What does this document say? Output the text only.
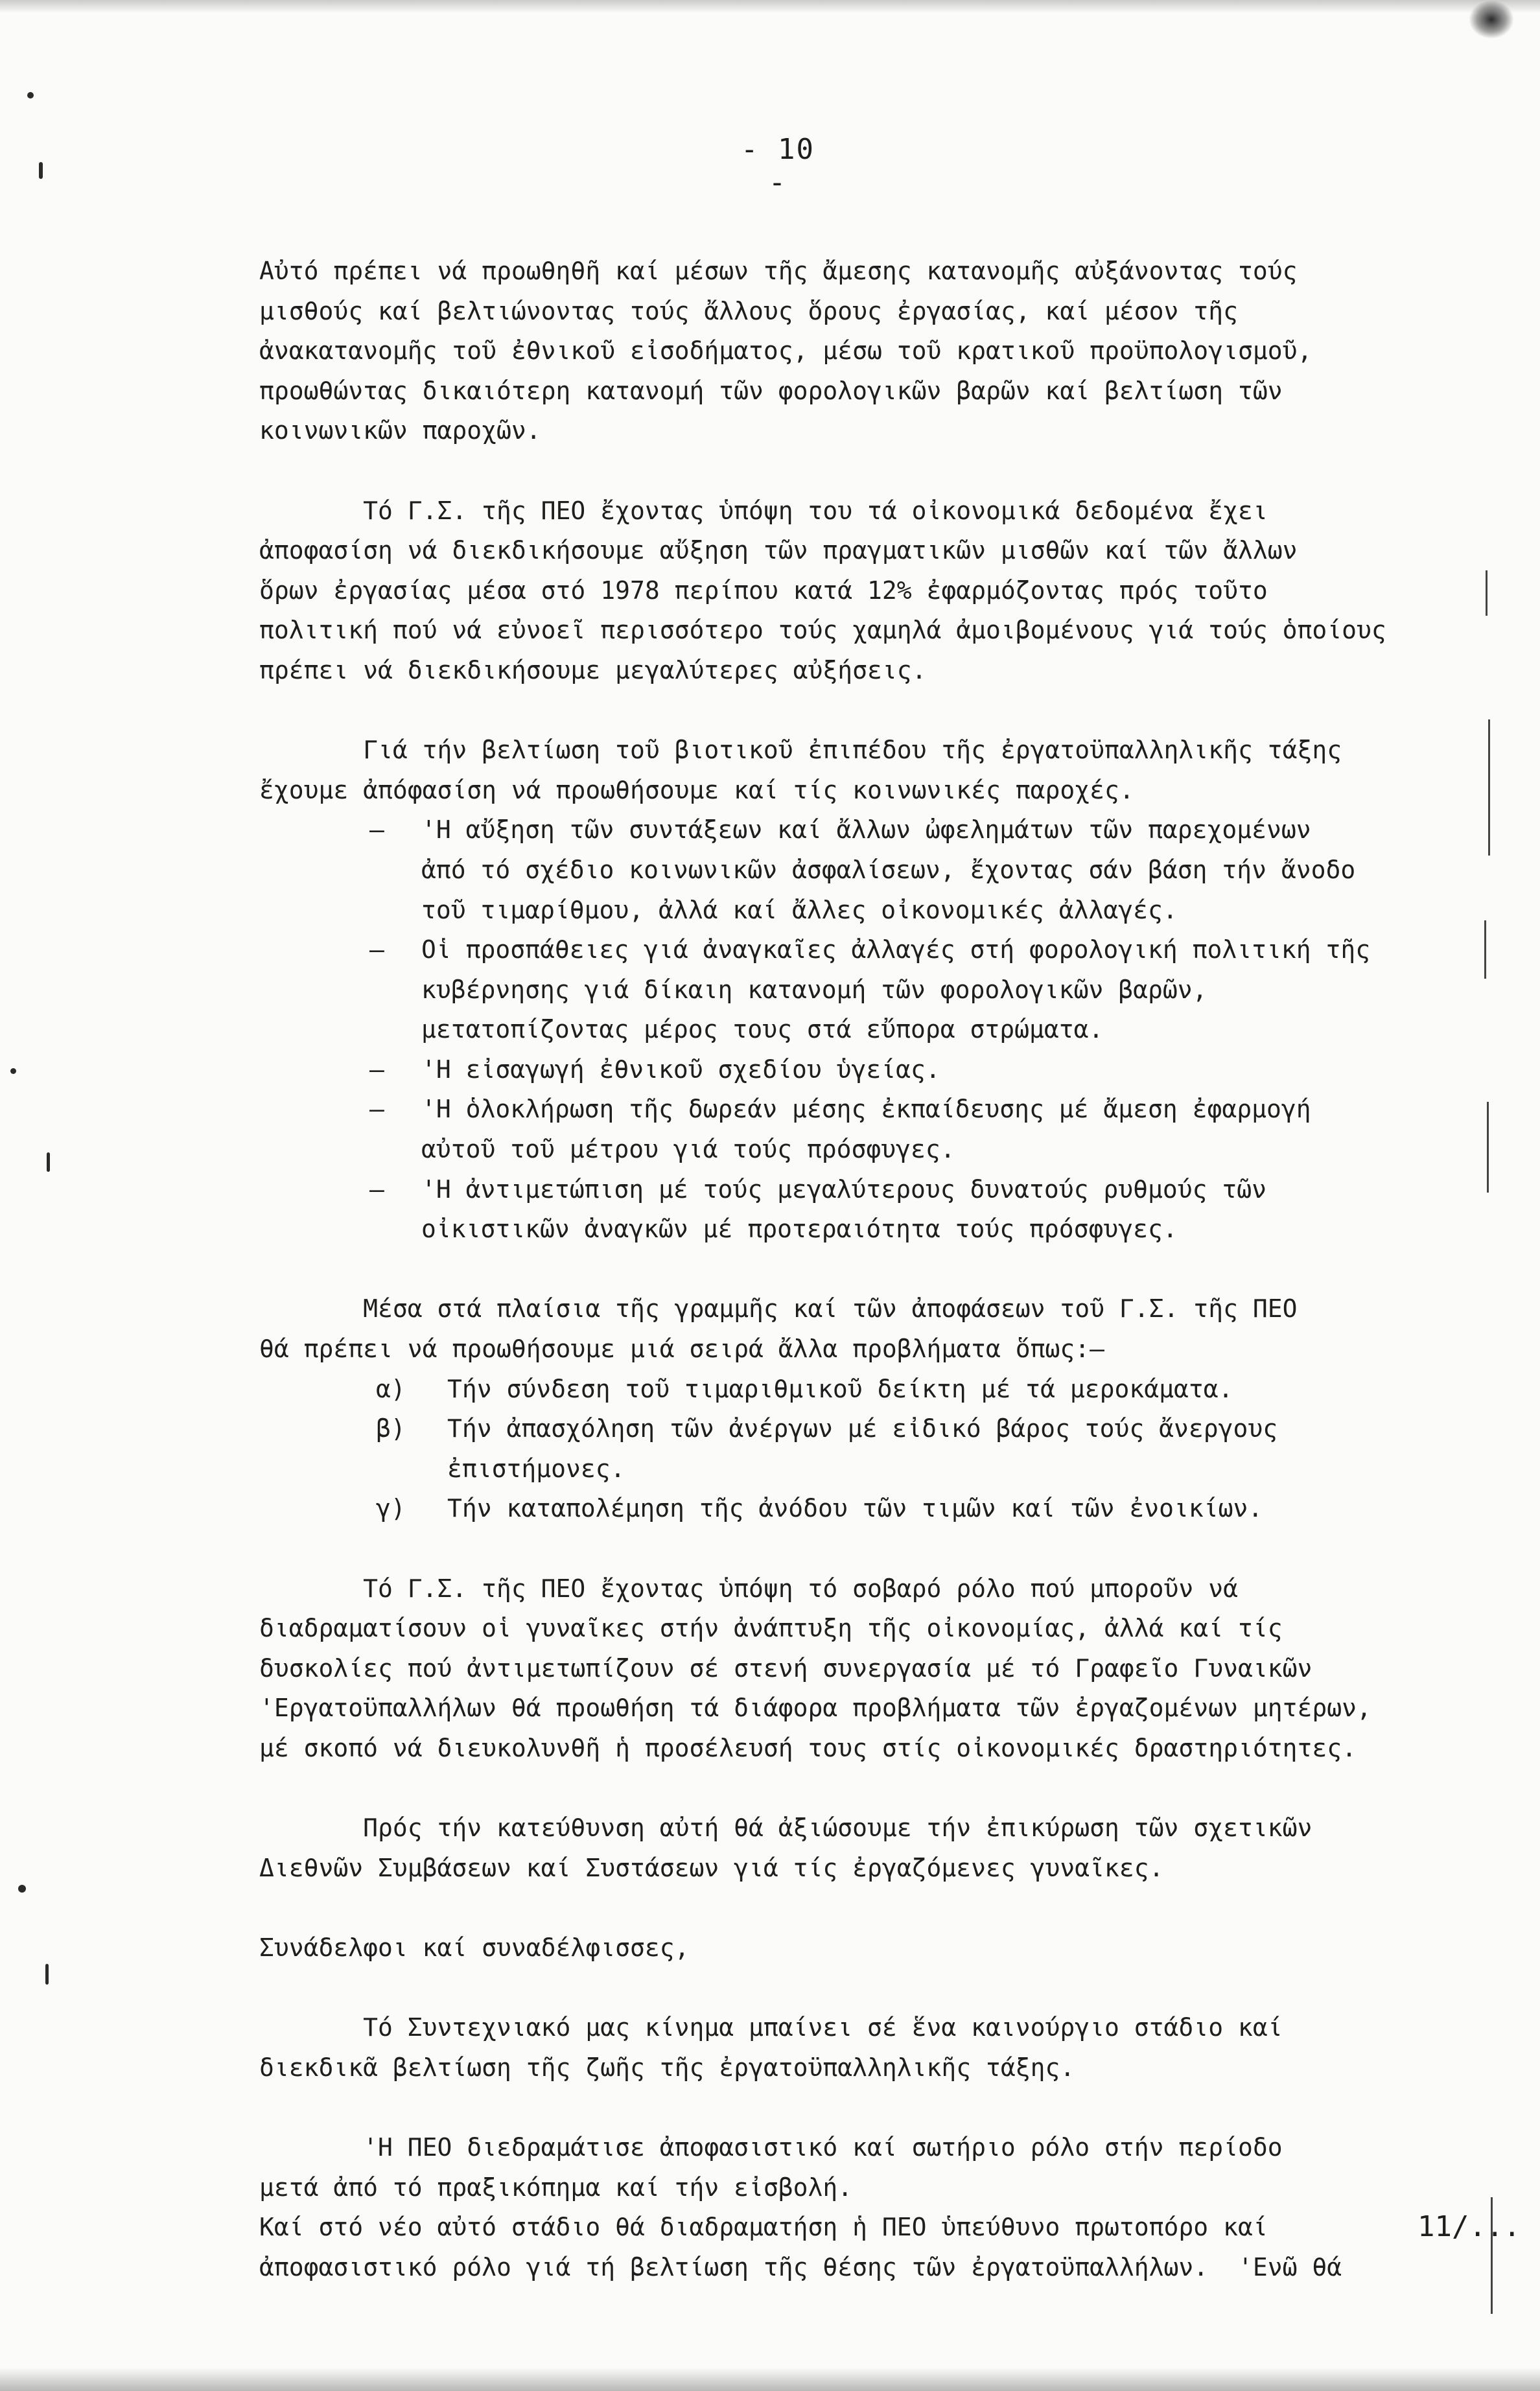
- 10 -
Αὐτό πρέπει νά προωθηθῆ καί μέσων τῆς ἄμεσης κατανομῆς αὐξάνοντας τούς
μισθούς καί βελτιώνοντας τούς ἄλλους ὅρους ἐργασίας, καί μέσον τῆς
ἀνακατανομῆς τοῦ ἐθνικοῦ εἰσοδήματος, μέσω τοῦ κρατικοῦ προϋπολογισμοῦ,
προωθώντας δικαιότερη κατανομή τῶν φορολογικῶν βαρῶν καί βελτίωση τῶν
κοινωνικῶν παροχῶν.
Τό Γ.Σ. τῆς ΠΕΟ ἔχοντας ὑπόψη του τά οἰκονομικά δεδομένα ἔχει
ἀποφασίση νά διεκδικήσουμε αὔξηση τῶν πραγματικῶν μισθῶν καί τῶν ἄλλων
ὅρων ἐργασίας μέσα στό 1978 περίπου κατά 12% ἐφαρμόζοντας πρός τοῦτο
πολιτική πού νά εὐνοεῖ περισσότερο τούς χαμηλά ἀμοιβομένους γιά τούς ὁποίους
πρέπει νά διεκδικήσουμε μεγαλύτερες αὐξήσεις.
Γιά τήν βελτίωση τοῦ βιοτικοῦ ἐπιπέδου τῆς ἐργατοϋπαλληλικῆς τάξης
ἔχουμε ἀπόφασίση νά προωθήσουμε καί τίς κοινωνικές παροχές.
–	'Η αὔξηση τῶν συντάξεων καί ἄλλων ὠφελημάτων τῶν παρεχομένων
ἀπό τό σχέδιο κοινωνικῶν ἀσφαλίσεων, ἔχοντας σάν βάση τήν ἄνοδο
τοῦ τιμαρίθμου, ἀλλά καί ἄλλες οἰκονομικές ἀλλαγές.
–	Οἱ προσπάθειες γιά ἀναγκαῖες ἀλλαγές στή φορολογική πολιτική τῆς
κυβέρνησης γιά δίκαιη κατανομή τῶν φορολογικῶν βαρῶν,
μετατοπίζοντας μέρος τους στά εὔπορα στρώματα.
–	'Η εἰσαγωγή ἐθνικοῦ σχεδίου ὑγείας.
–	'Η ὁλοκλήρωση τῆς δωρεάν μέσης ἐκπαίδευσης μέ ἄμεση ἐφαρμογή
αὐτοῦ τοῦ μέτρου γιά τούς πρόσφυγες.
–	'Η ἀντιμετώπιση μέ τούς μεγαλύτερους δυνατούς ρυθμούς τῶν
οἰκιστικῶν ἀναγκῶν μέ προτεραιότητα τούς πρόσφυγες.
Μέσα στά πλαίσια τῆς γραμμῆς καί τῶν ἀποφάσεων τοῦ Γ.Σ. τῆς ΠΕΟ
θά πρέπει νά προωθήσουμε μιά σειρά ἄλλα προβλήματα ὅπως:–
α)	Τήν σύνδεση τοῦ τιμαριθμικοῦ δείκτη μέ τά μεροκάματα.
β)	Τήν ἀπασχόληση τῶν ἀνέργων μέ εἰδικό βάρος τούς ἄνεργους
ἐπιστήμονες.
γ)	Τήν καταπολέμηση τῆς ἀνόδου τῶν τιμῶν καί τῶν ἐνοικίων.
Τό Γ.Σ. τῆς ΠΕΟ ἔχοντας ὑπόψη τό σοβαρό ρόλο πού μποροῦν νά
διαδραματίσουν οἱ γυναῖκες στήν ἀνάπτυξη τῆς οἰκονομίας, ἀλλά καί τίς
δυσκολίες πού ἀντιμετωπίζουν σέ στενή συνεργασία μέ τό Γραφεῖο Γυναικῶν
'Εργατοϋπαλλήλων θά προωθήση τά διάφορα προβλήματα τῶν ἐργαζομένων μητέρων,
μέ σκοπό νά διευκολυνθῆ ἡ προσέλευσή τους στίς οἰκονομικές δραστηριότητες.
Πρός τήν κατεύθυνση αὐτή θά ἀξιώσουμε τήν ἐπικύρωση τῶν σχετικῶν
Διεθνῶν Συμβάσεων καί Συστάσεων γιά τίς ἐργαζόμενες γυναῖκες.
Συνάδελφοι καί συναδέλφισσες,
Τό Συντεχνιακό μας κίνημα μπαίνει σέ ἕνα καινούργιο στάδιο καί
διεκδικᾶ βελτίωση τῆς ζωῆς τῆς ἐργατοϋπαλληλικῆς τάξης.
'Η ΠΕΟ διεδραμάτισε ἀποφασιστικό καί σωτήριο ρόλο στήν περίοδο
μετά ἀπό τό πραξικόπημα καί τήν εἰσβολή.
Καί στό νέο αὐτό στάδιο θά διαδραματήση ἡ ΠΕΟ ὑπεύθυνο πρωτοπόρο καί
ἀποφασιστικό ρόλο γιά τή βελτίωση τῆς θέσης τῶν ἐργατοϋπαλλήλων.  'Ενῶ θά
11/...
